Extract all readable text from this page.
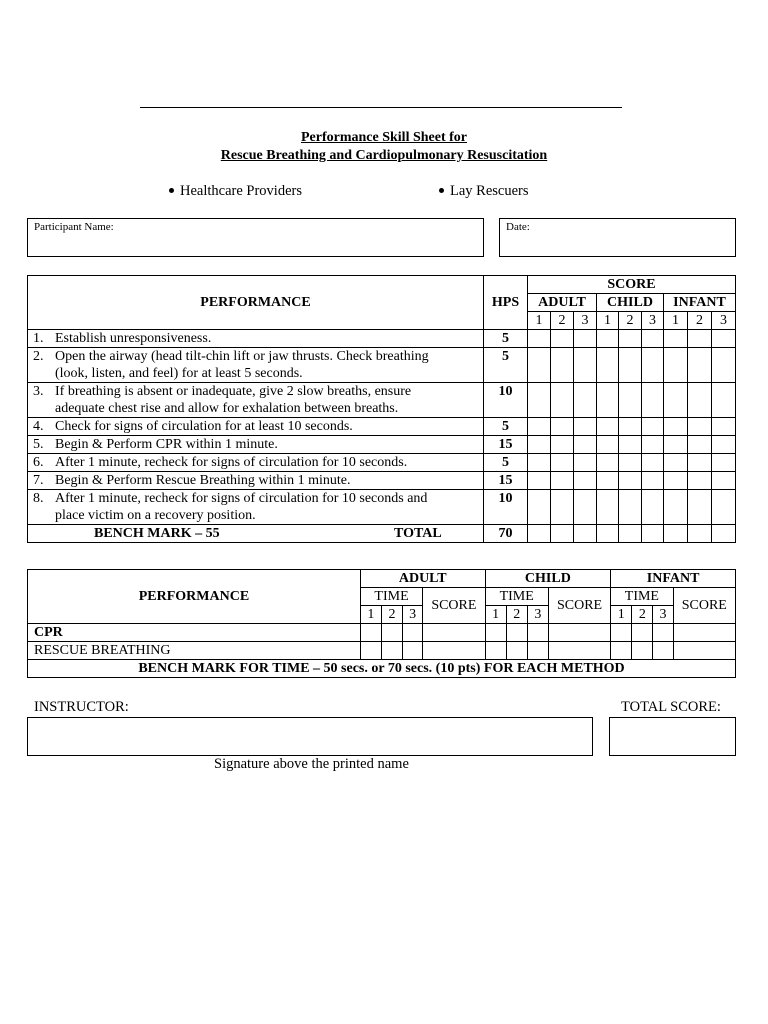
Performance Skill Sheet for
Rescue Breathing and Cardiopulmonary Resuscitation
Healthcare Providers	Lay Rescuers
Participant Name:	Date:
PERFORMANCE	HPS	SCORE								
		ADULT			CHILD			INFANT		
		1	2	3	1	2	3	1	2	3
1. Establish unresponsiveness.	5									
2. Open the airway (head tilt-chin lift or jaw thrusts. Check breathing
(look, listen, and feel) for at least 5 seconds.	5									
3. If breathing is absent or inadequate, give 2 slow breaths, ensure
adequate chest rise and allow for exhalation between breaths.	10									
4. Check for signs of circulation for at least 10 seconds.	5									
5. Begin & Perform CPR within 1 minute.	15									
6. After 1 minute, recheck for signs of circulation for 10 seconds.	5									
7. Begin & Perform Rescue Breathing within 1 minute.	15									
8. After 1 minute, recheck for signs of circulation for 10 seconds and
place victim on a recovery position.	10									
BENCH MARK – 55 TOTAL	70									
PERFORMANCE	ADULT				CHILD				INFANT			
	TIME			SCORE	TIME			SCORE	TIME			SCORE
	1	2	3		1	2	3		1	2	3	
CPR												
RESCUE BREATHING												
BENCH MARK FOR TIME – 50 secs. or 70 secs. (10 pts) FOR EACH METHOD												
INSTRUCTOR:	TOTAL SCORE:
Signature above the printed name
